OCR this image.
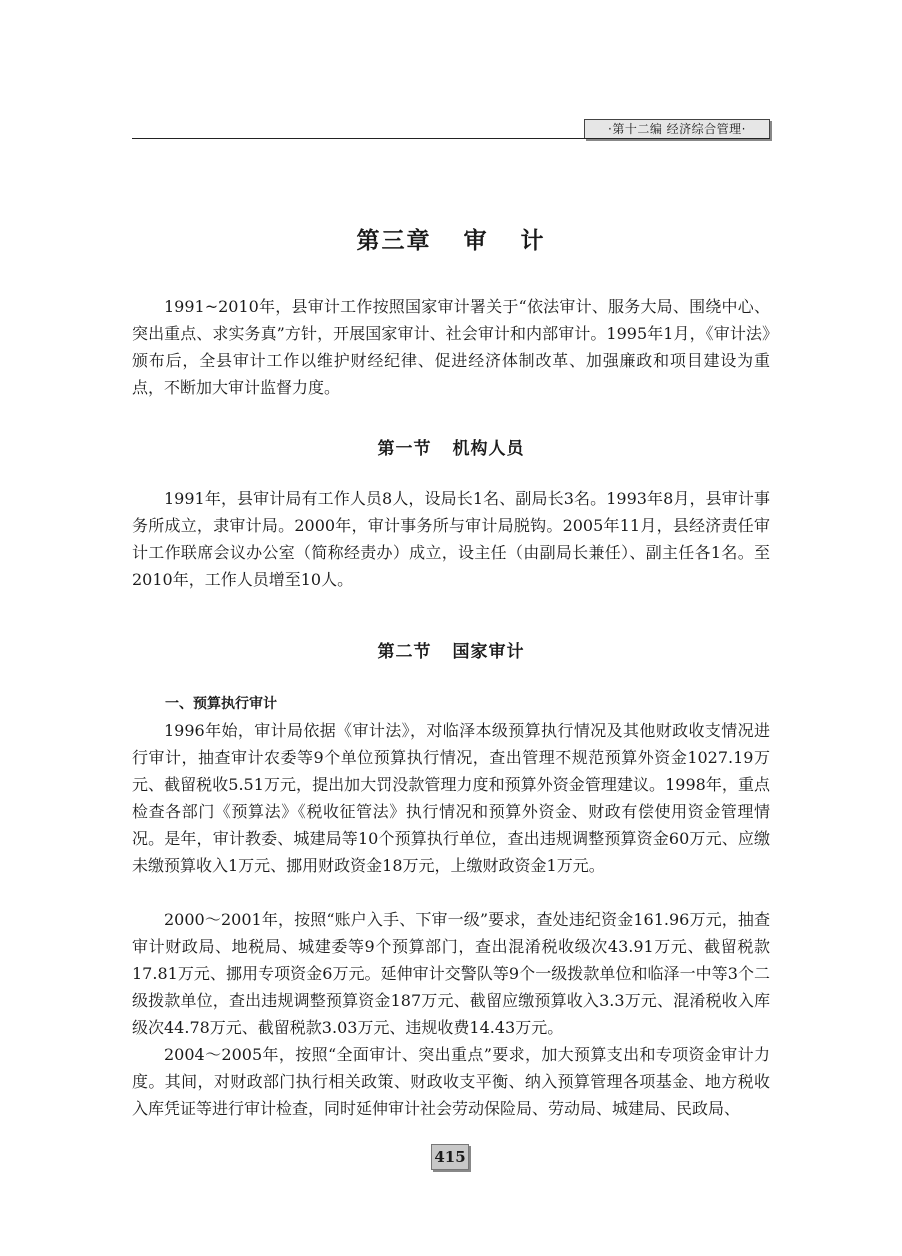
·第十二编 经济综合管理·
第三章 审 计

1991~2010年，县审计工作按照国家审计署关于“依法审计、服务大局、围绕中心、突出重点、求实务真”方针，开展国家审计、社会审计和内部审计。1995年1月，《审计法》颁布后，全县审计工作以维护财经纪律、促进经济体制改革、加强廉政和项目建设为重点，不断加大审计监督力度。

第一节 机构人员

1991年，县审计局有工作人员8人，设局长1名、副局长3名。1993年8月，县审计事务所成立，隶审计局。2000年，审计事务所与审计局脱钩。2005年11月，县经济责任审计工作联席会议办公室（简称经责办）成立，设主任（由副局长兼任）、副主任各1名。至2010年，工作人员增至10人。

第二节 国家审计
一、预算执行审计

1996年始，审计局依据《审计法》，对临泽本级预算执行情况及其他财政收支情况进行审计，抽查审计农委等9个单位预算执行情况，查出管理不规范预算外资金1027.19万元、截留税收5.51万元，提出加大罚没款管理力度和预算外资金管理建议。1998年，重点检查各部门《预算法》《税收征管法》执行情况和预算外资金、财政有偿使用资金管理情况。是年，审计教委、城建局等10个预算执行单位，查出违规调整预算资金60万元、应缴未缴预算收入1万元、挪用财政资金18万元，上缴财政资金1万元。

2000～2001年，按照“账户入手、下审一级”要求，查处违纪资金161.96万元，抽查审计财政局、地税局、城建委等9个预算部门，查出混淆税收级次43.91万元、截留税款17.81万元、挪用专项资金6万元。延伸审计交警队等9个一级拨款单位和临泽一中等3个二级拨款单位，查出违规调整预算资金187万元、截留应缴预算收入3.3万元、混淆税收入库级次44.78万元、截留税款3.03万元、违规收费14.43万元。

2004～2005年，按照“全面审计、突出重点”要求，加大预算支出和专项资金审计力度。其间，对财政部门执行相关政策、财政收支平衡、纳入预算管理各项基金、地方税收入库凭证等进行审计检查，同时延伸审计社会劳动保险局、劳动局、城建局、民政局、

415
